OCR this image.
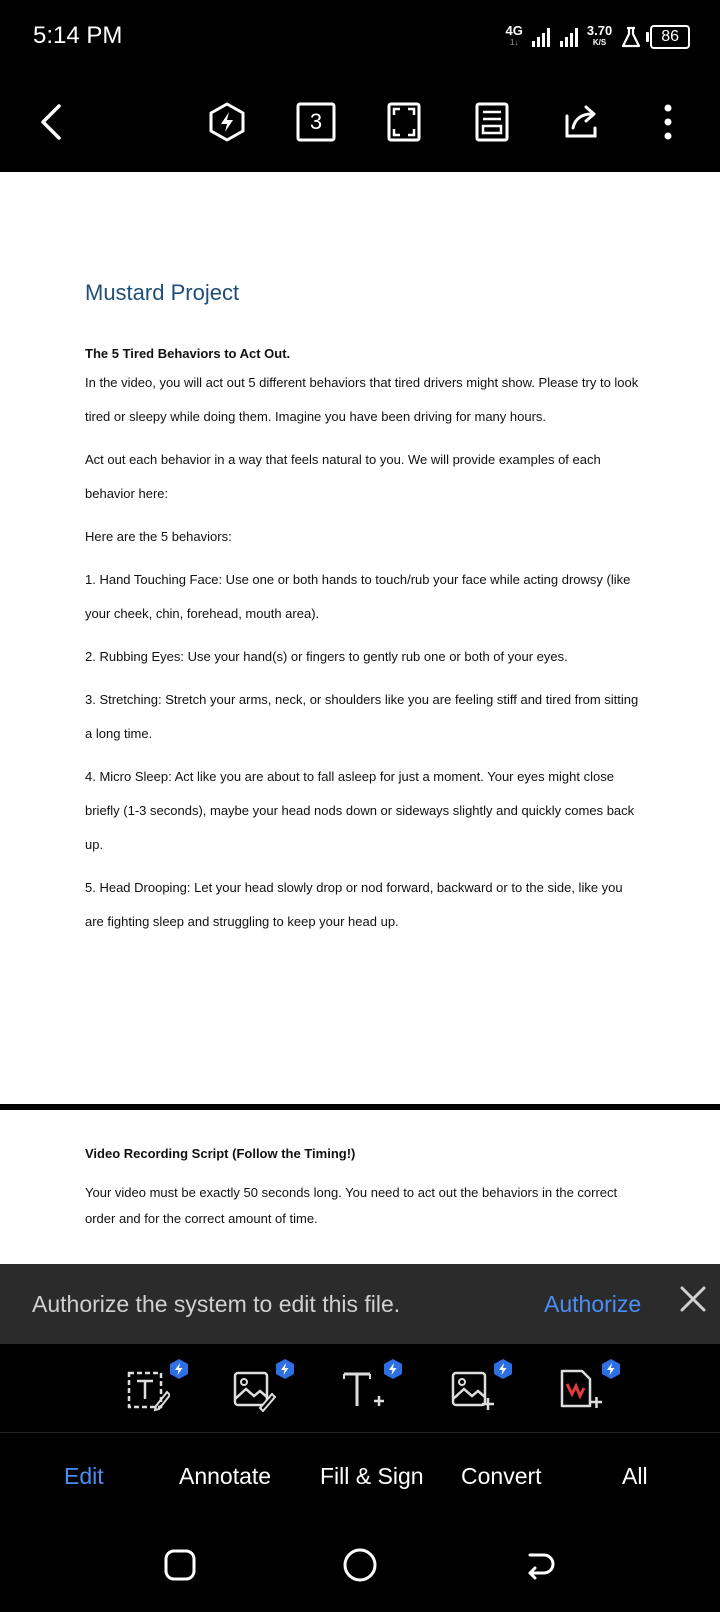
5:14 PM	4G
1↓
3.70
K/S	86
3
Mustard Project

The 5 Tired Behaviors to Act Out.

In the video, you will act out 5 different behaviors that tired drivers might show. Please try to look tired or sleepy while doing them. Imagine you have been driving for many hours.

Act out each behavior in a way that feels natural to you. We will provide examples of each behavior here:

Here are the 5 behaviors:

1. Hand Touching Face: Use one or both hands to touch/rub your face while acting drowsy (like your cheek, chin, forehead, mouth area).

2. Rubbing Eyes: Use your hand(s) or fingers to gently rub one or both of your eyes.

3. Stretching: Stretch your arms, neck, or shoulders like you are feeling stiff and tired from sitting a long time.

4. Micro Sleep: Act like you are about to fall asleep for just a moment. Your eyes might close briefly (1-3 seconds), maybe your head nods down or sideways slightly and quickly comes back up.

5. Head Drooping: Let your head slowly drop or nod forward, backward or to the side, like you are fighting sleep and struggling to keep your head up.

Video Recording Script (Follow the Timing!)

Your video must be exactly 50 seconds long. You need to act out the behaviors in the correct order and for the correct amount of time.

Authorize the system to edit this file.	Authorize
Edit	Annotate Fill & Sign Convert	All
